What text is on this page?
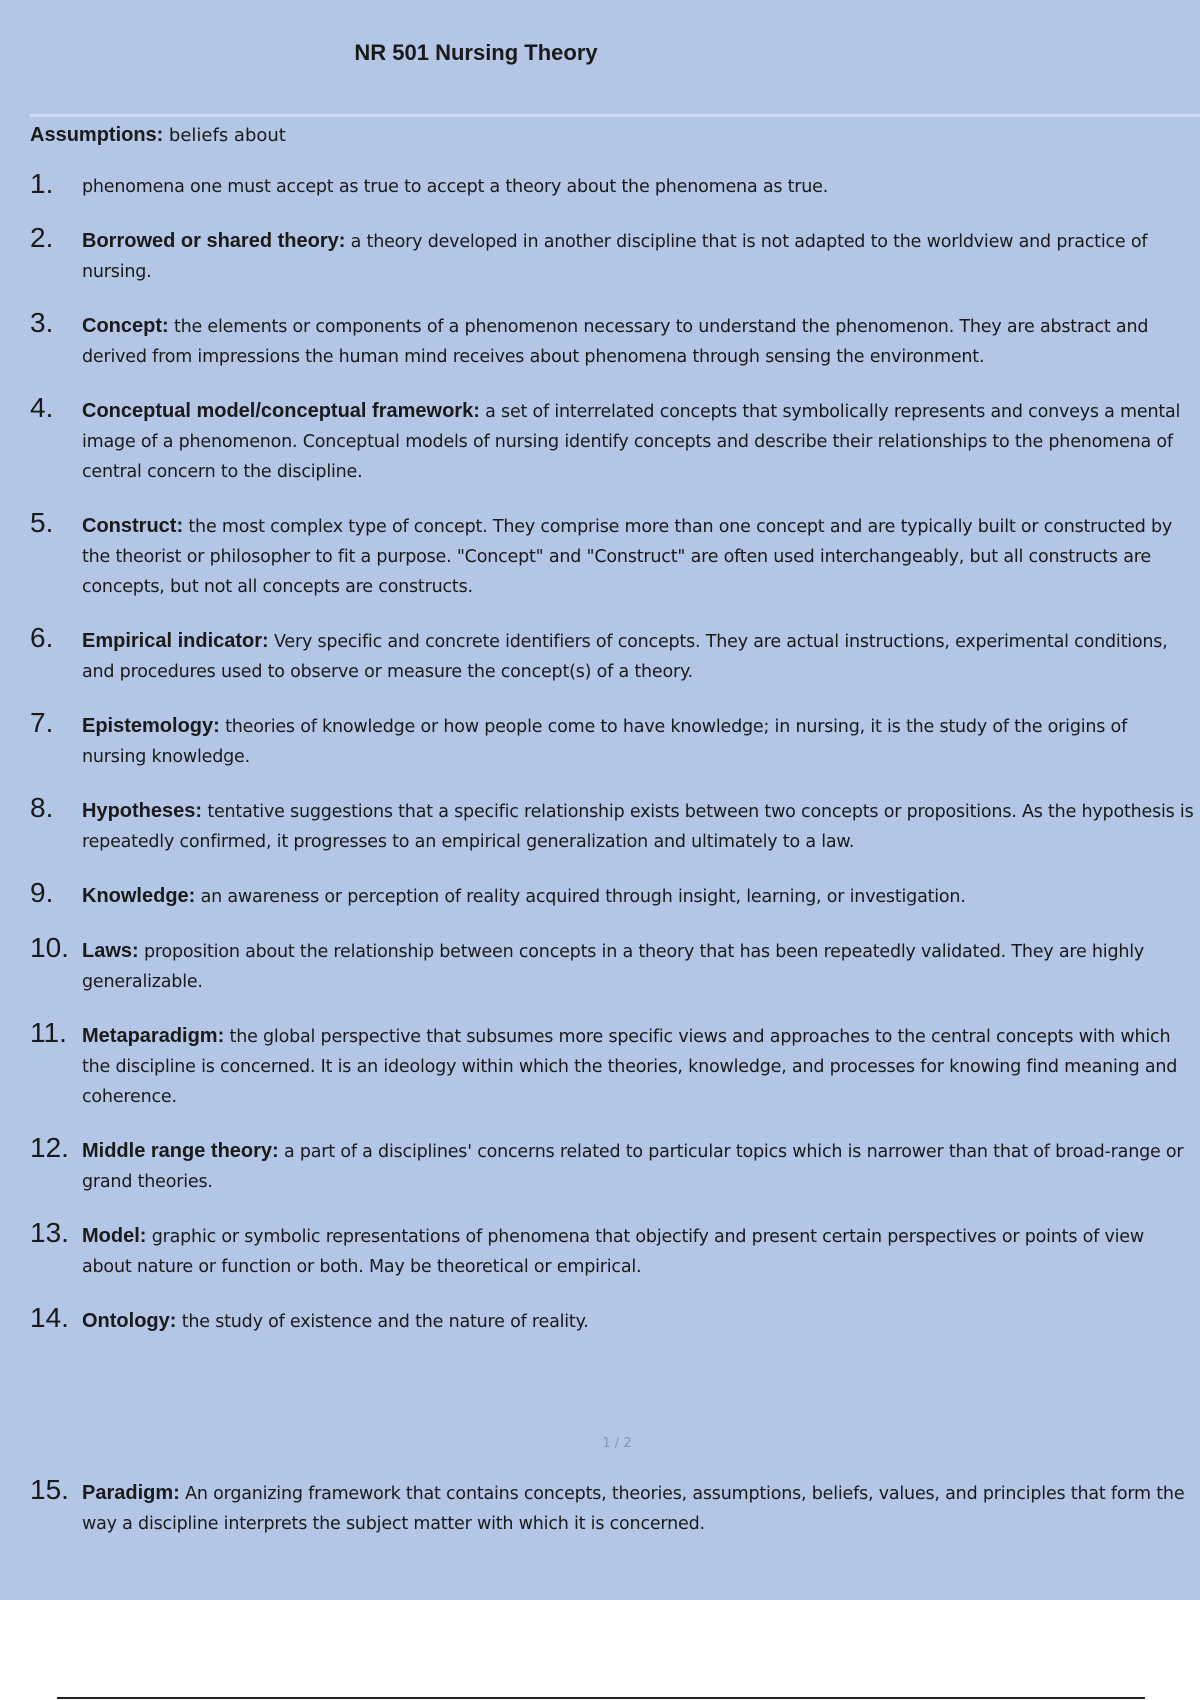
NR 501 Nursing Theory

Assumptions: beliefs about

1.	phenomena one must accept as true to accept a theory about the phenomena as true.

2.	Borrowed or shared theory: a theory developed in another discipline that is not adapted to the worldview and practice of nursing.

3.	Concept: the elements or components of a phenomenon necessary to understand the phenomenon. They are abstract and derived from impressions the human mind receives about phenomena through sensing the environment.

4.	Conceptual model/conceptual framework: a set of interrelated concepts that symbolically represents and conveys a mental image of a phenomenon. Conceptual models of nursing identify concepts and describe their relationships to the phenomena of central concern to the discipline.

5.	Construct: the most complex type of concept. They comprise more than one concept and are typically built or constructed by the theorist or philosopher to fit a purpose. "Concept" and "Construct" are often used interchangeably, but all constructs are concepts, but not all concepts are constructs.

6.	Empirical indicator: Very specific and concrete identifiers of concepts. They are actual instructions, experimental conditions, and procedures used to observe or measure the concept(s) of a theory.

7.	Epistemology: theories of knowledge or how people come to have knowledge; in nursing, it is the study of the origins of nursing knowledge.

8.	Hypotheses: tentative suggestions that a specific relationship exists between two concepts or propositions. As the hypothesis is repeatedly confirmed, it progresses to an empirical generalization and ultimately to a law.

9.	Knowledge: an awareness or perception of reality acquired through insight, learning, or investigation.

10. Laws: proposition about the relationship between concepts in a theory that has been repeatedly validated. They are highly generalizable.

11. Metaparadigm: the global perspective that subsumes more specific views and approaches to the central concepts with which the discipline is concerned. It is an ideology within which the theories, knowledge, and processes for knowing find meaning and coherence.

12. Middle range theory: a part of a disciplines' concerns related to particular topics which is narrower than that of broad-range or grand theories.

13. Model: graphic or symbolic representations of phenomena that objectify and present certain perspectives or points of view about nature or function or both. May be theoretical or empirical.

14. Ontology: the study of existence and the nature of reality.

1 / 2
15. Paradigm: An organizing framework that contains concepts, theories, assumptions, beliefs, values, and principles that form the way a discipline interprets the subject matter with which it is concerned.
